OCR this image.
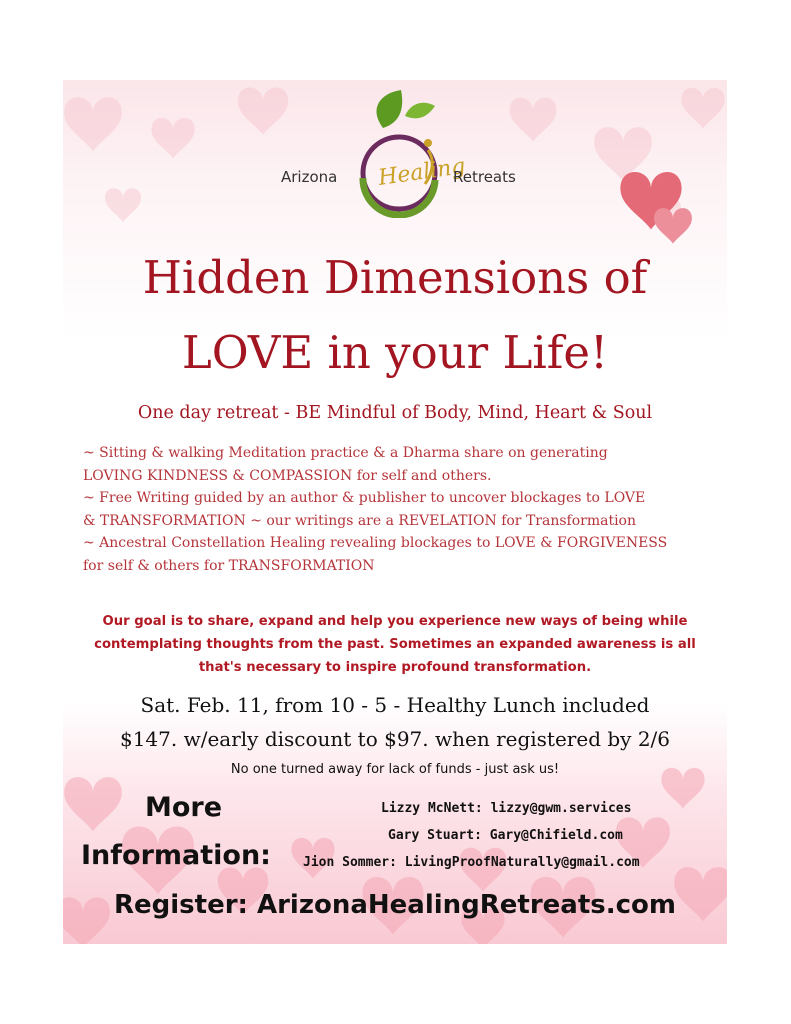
Arizona Healing
Retreats
Hidden Dimensions of
LOVE in your Life!
One day retreat - BE Mindful of Body, Mind, Heart & Soul
~ Sitting & walking Meditation practice & a Dharma share on generating
LOVING KINDNESS & COMPASSION for self and others.
~ Free Writing guided by an author & publisher to uncover blockages to LOVE
& TRANSFORMATION ~ our writings are a REVELATION for Transformation
~ Ancestral Constellation Healing revealing blockages to LOVE & FORGIVENESS
for self & others for TRANSFORMATION
Our goal is to share, expand and help you experience new ways of being while
contemplating thoughts from the past. Sometimes an expanded awareness is all
that's necessary to inspire profound transformation.
Sat. Feb. 11, from 10 - 5 - Healthy Lunch included
$147. w/early discount to $97. when registered by 2/6
No one turned away for lack of funds - just ask us!
More
Information:
Lizzy McNett: lizzy@gwm.services
Gary Stuart: Gary@Chifield.com
Jion Sommer: LivingProofNaturally@gmail.com
Register: ArizonaHealingRetreats.com
